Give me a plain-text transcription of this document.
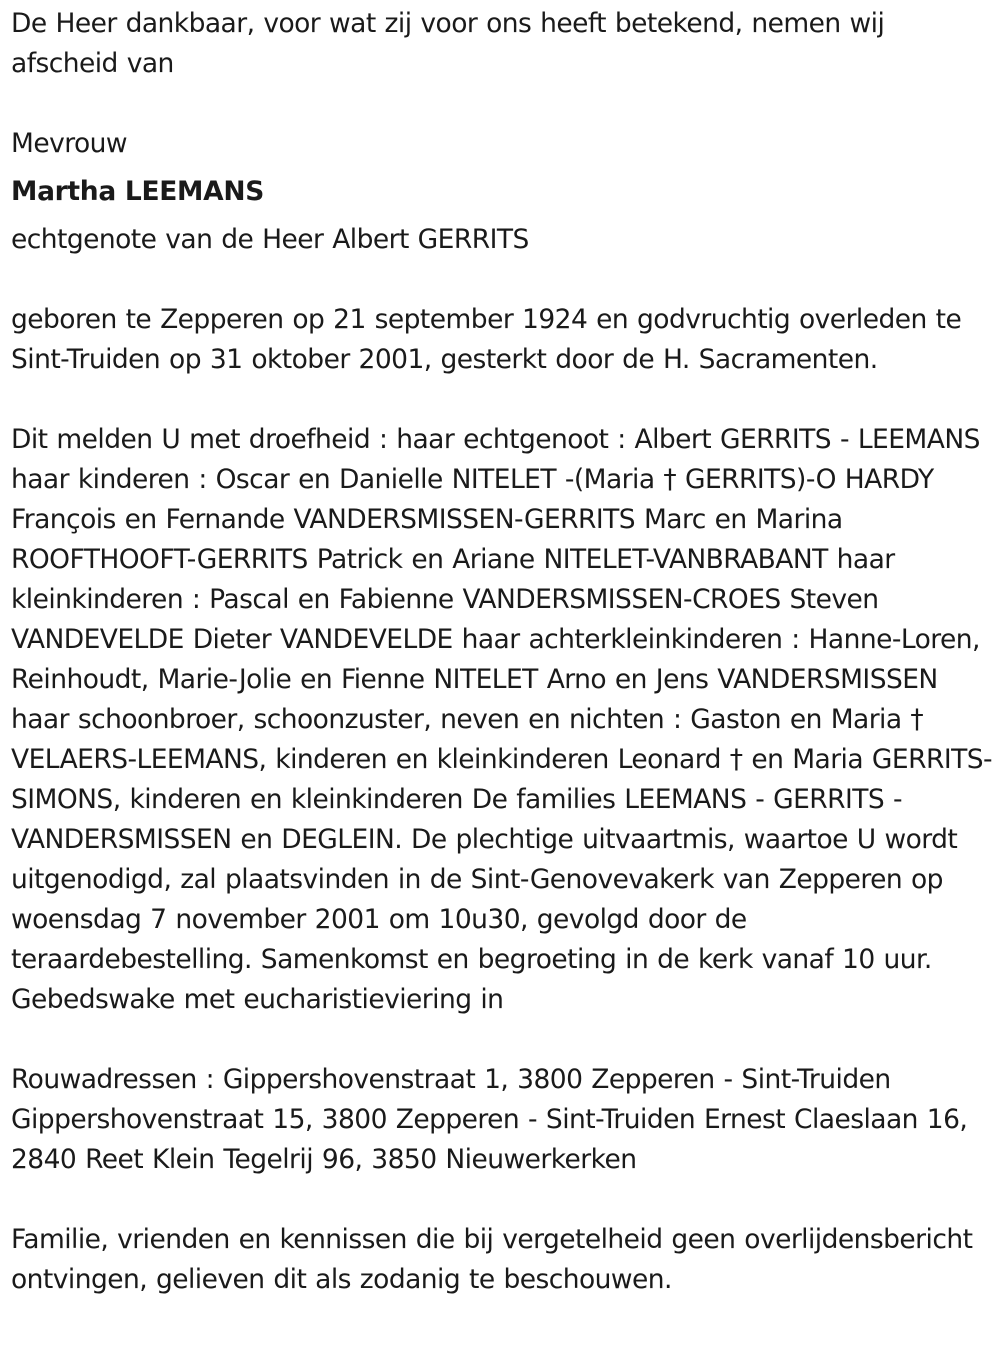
De Heer dankbaar, voor wat zij voor ons heeft betekend, nemen wij afscheid van

Mevrouw

Martha LEEMANS

echtgenote van de Heer Albert GERRITS

geboren te Zepperen op 21 september 1924 en godvruchtig overleden te Sint-Truiden op 31 oktober 2001, gesterkt door de H. Sacramenten.

Dit melden U met droefheid : haar echtgenoot : Albert GERRITS - LEEMANS haar kinderen : Oscar en Danielle NITELET -(Maria † GERRITS)-O HARDY François en Fernande VANDERSMISSEN-GERRITS Marc en Marina ROOFTHOOFT-GERRITS Patrick en Ariane NITELET-VANBRABANT haar kleinkinderen : Pascal en Fabienne VANDERSMISSEN-CROES Steven VANDEVELDE Dieter VANDEVELDE haar achterkleinkinderen : Hanne-Loren, Reinhoudt, Marie-Jolie en Fienne NITELET Arno en Jens VANDERSMISSEN haar schoonbroer, schoonzuster, neven en nichten : Gaston en Maria † VELAERS-LEEMANS, kinderen en kleinkinderen Leonard † en Maria GERRITS-SIMONS, kinderen en kleinkinderen De families LEEMANS - GERRITS - VANDERSMISSEN en DEGLEIN. De plechtige uitvaartmis, waartoe U wordt uitgenodigd, zal plaatsvinden in de Sint-Genovevakerk van Zepperen op woensdag 7 november 2001 om 10u30, gevolgd door de teraardebestelling. Samenkomst en begroeting in de kerk vanaf 10 uur. Gebedswake met eucharistieviering in

Rouwadressen : Gippershovenstraat 1, 3800 Zepperen - Sint-Truiden Gippershovenstraat 15, 3800 Zepperen - Sint-Truiden Ernest Claeslaan 16, 2840 Reet Klein Tegelrij 96, 3850 Nieuwerkerken

Familie, vrienden en kennissen die bij vergetelheid geen overlijdensbericht ontvingen, gelieven dit als zodanig te beschouwen.
